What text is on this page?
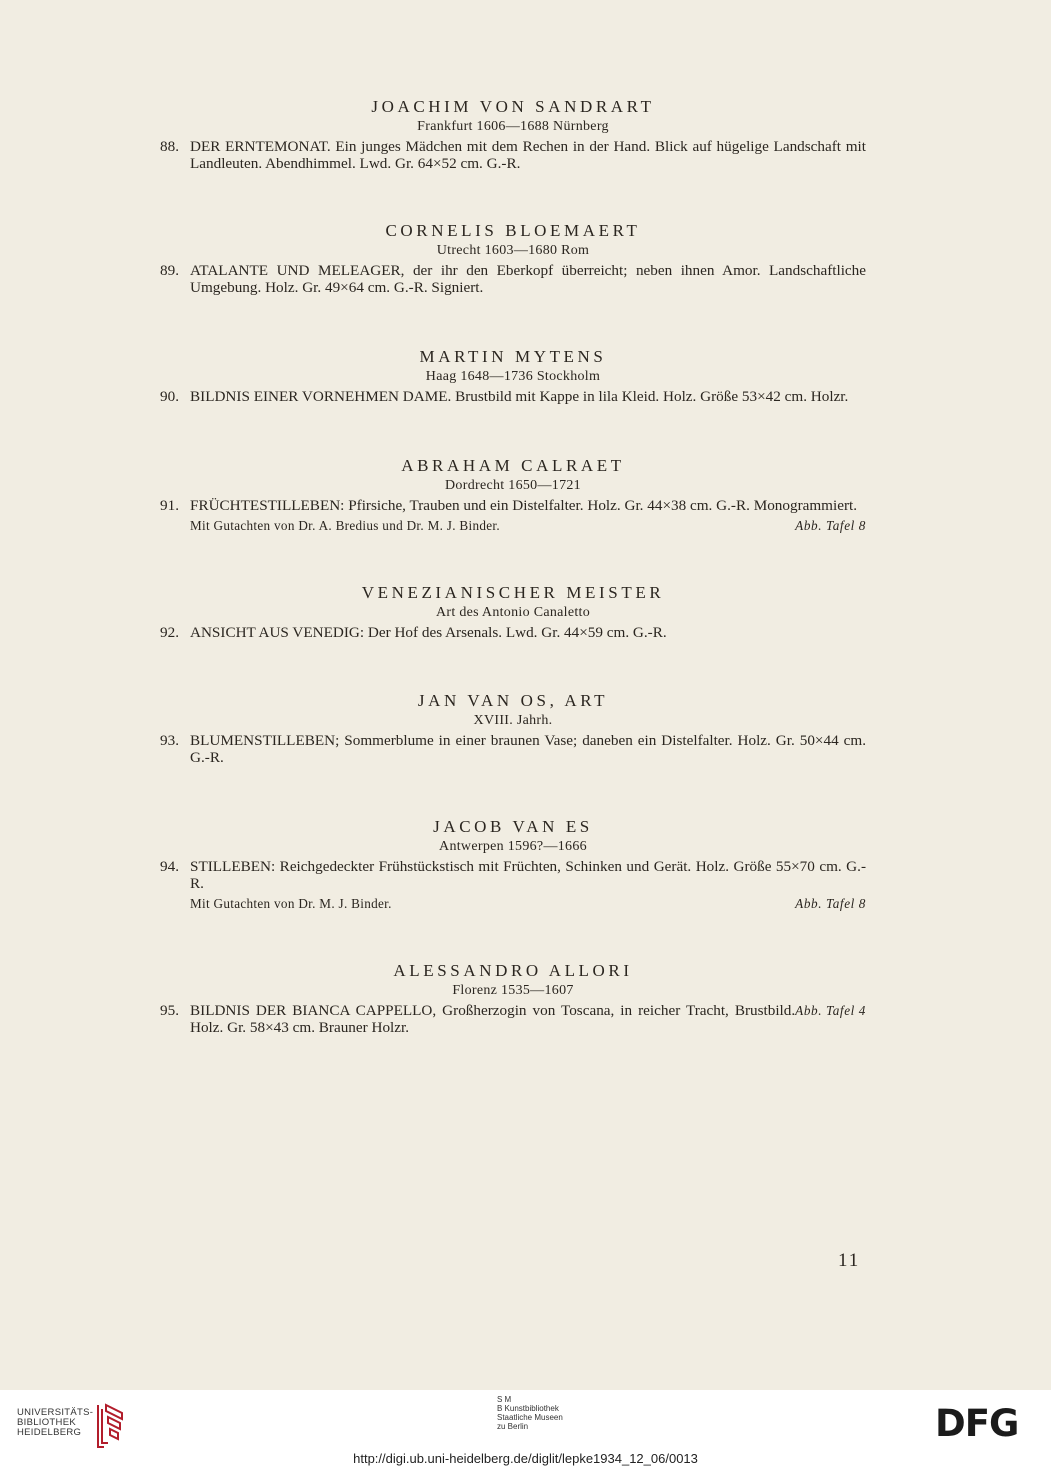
JOACHIM VON SANDRART
Frankfurt 1606—1688 Nürnberg
88. DER ERNTEMONAT. Ein junges Mädchen mit dem Rechen in der Hand. Blick auf hügelige Landschaft mit Landleuten. Abendhimmel. Lwd. Gr. 64×52 cm. G.-R.
CORNELIS BLOEMAERT
Utrecht 1603—1680 Rom
89. ATALANTE UND MELEAGER, der ihr den Eberkopf überreicht; neben ihnen Amor. Landschaftliche Umgebung. Holz. Gr. 49×64 cm. G.-R. Signiert.
MARTIN MYTENS
Haag 1648—1736 Stockholm
90. BILDNIS EINER VORNEHMEN DAME. Brustbild mit Kappe in lila Kleid. Holz. Größe 53×42 cm. Holzr.
ABRAHAM CALRAET
Dordrecht 1650—1721
91. FRÜCHTESTILLEBEN: Pfirsiche, Trauben und ein Distelfalter. Holz. Gr. 44×38 cm. G.-R. Monogrammiert.
Mit Gutachten von Dr. A. Bredius und Dr. M. J. Binder.	Abb. Tafel 8
VENEZIANISCHER MEISTER
Art des Antonio Canaletto
92. ANSICHT AUS VENEDIG: Der Hof des Arsenals. Lwd. Gr. 44×59 cm. G.-R.
JAN VAN OS, ART
XVIII. Jahrh.
93. BLUMENSTILLEBEN; Sommerblume in einer braunen Vase; daneben ein Distelfalter. Holz. Gr. 50×44 cm. G.-R.
JACOB VAN ES
Antwerpen 1596?—1666
94. STILLEBEN: Reichgedeckter Frühstückstisch mit Früchten, Schinken und Gerät. Holz. Größe 55×70 cm. G.-R.
Mit Gutachten von Dr. M. J. Binder.	Abb. Tafel 8
ALESSANDRO ALLORI
Florenz 1535—1607
95.	Abb. Tafel 4
BILDNIS DER BIANCA CAPPELLO, Großherzogin von Toscana, in reicher Tracht, Brustbild. Holz. Gr. 58×43 cm. Brauner Holzr.
11
UNIVERSITÄTS-
BIBLIOTHEK
HEIDELBERG
S M
B Kunstbibliothek
Staatliche Museen
zu Berlin	DFG
http://digi.ub.uni-heidelberg.de/diglit/lepke1934_12_06/0013
